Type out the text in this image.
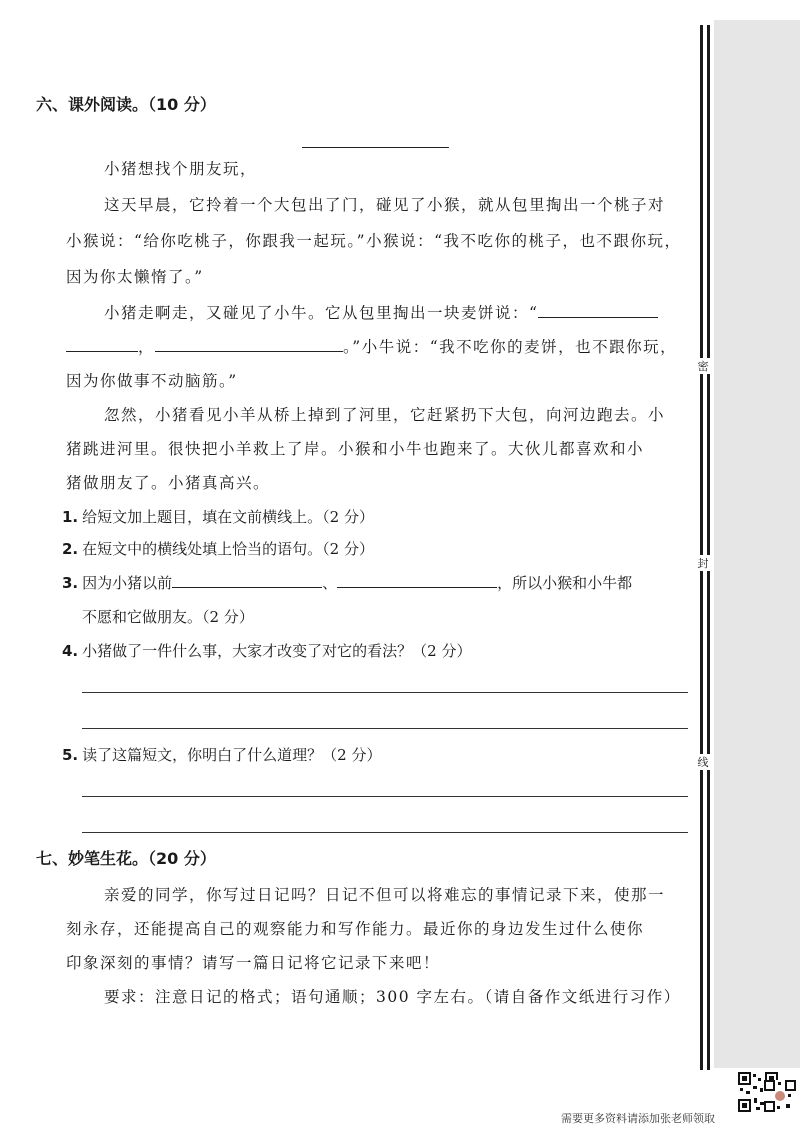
六、课外阅读。（10 分）
小猪想找个朋友玩，
这天早晨，它拎着一个大包出了门，碰见了小猴，就从包里掏出一个桃子对
小猴说：“给你吃桃子，你跟我一起玩。”小猴说：“我不吃你的桃子，也不跟你玩，
因为你太懒惰了。”
小猪走啊走，又碰见了小牛。它从包里掏出一块麦饼说：“
，	。”小牛说：“我不吃你的麦饼，也不跟你玩，
因为你做事不动脑筋。”
忽然，小猪看见小羊从桥上掉到了河里，它赶紧扔下大包，向河边跑去。小
猪跳进河里。很快把小羊救上了岸。小猴和小牛也跑来了。大伙儿都喜欢和小
猪做朋友了。小猪真高兴。
1. 给短文加上题目，填在文前横线上。（2 分）
2. 在短文中的横线处填上恰当的语句。（2 分）
3. 因为小猪以前	、	，所以小猴和小牛都
不愿和它做朋友。（2 分）
4. 小猪做了一件什么事，大家才改变了对它的看法？（2 分）
5. 读了这篇短文，你明白了什么道理？（2 分）
七、妙笔生花。（20 分）
亲爱的同学，你写过日记吗？日记不但可以将难忘的事情记录下来，使那一
刻永存，还能提高自己的观察能力和写作能力。最近你的身边发生过什么使你
印象深刻的事情？请写一篇日记将它记录下来吧！
要求：注意日记的格式；语句通顺；300 字左右。（请自备作文纸进行习作）
密
封
线
需要更多资料请添加张老师领取
